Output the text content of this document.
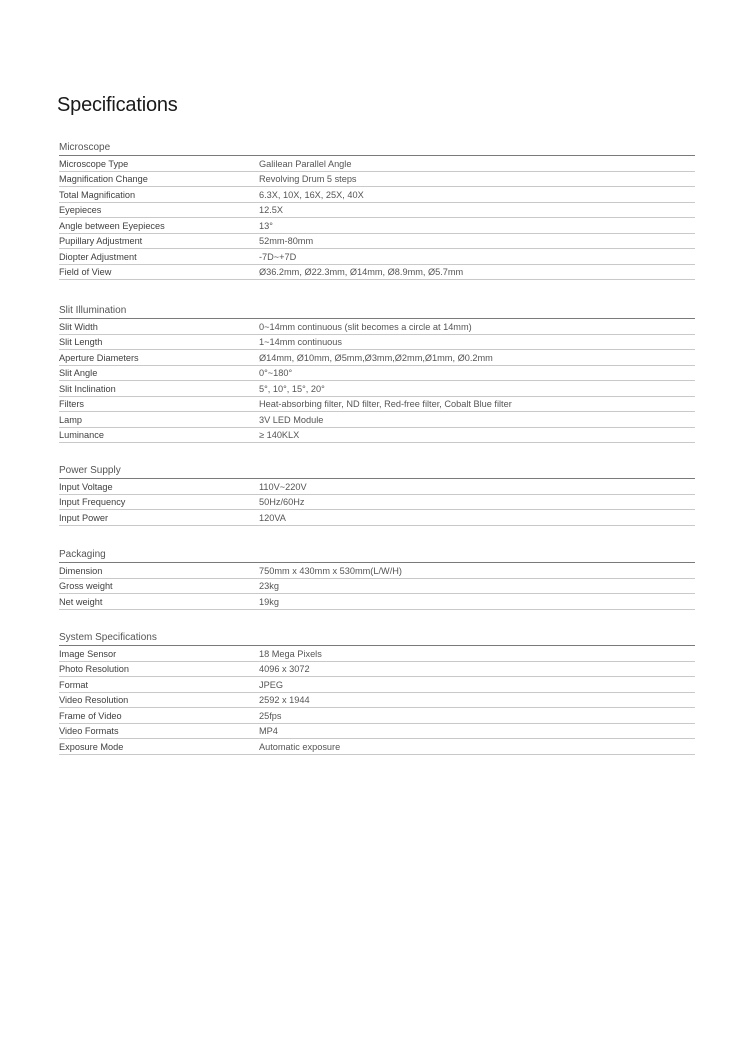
Specifications
Microscope
Microscope Type	Galilean Parallel Angle
Magnification Change	Revolving Drum 5 steps
Total Magnification	6.3X, 10X, 16X, 25X, 40X
Eyepieces	12.5X
Angle between Eyepieces	13°
Pupillary Adjustment	52mm-80mm
Diopter Adjustment	-7D~+7D
Field of View	Ø36.2mm, Ø22.3mm, Ø14mm, Ø8.9mm, Ø5.7mm
Slit Illumination
Slit Width	0~14mm continuous (slit becomes a circle at 14mm)
Slit Length	1~14mm continuous
Aperture Diameters	Ø14mm, Ø10mm, Ø5mm,Ø3mm,Ø2mm,Ø1mm, Ø0.2mm
Slit Angle	0°~180°
Slit Inclination	5°, 10°, 15°, 20°
Filters	Heat-absorbing filter, ND filter, Red-free filter, Cobalt Blue filter
Lamp	3V LED Module
Luminance	≥ 140KLX
Power Supply
Input Voltage	110V~220V
Input Frequency	50Hz/60Hz
Input Power	120VA
Packaging
Dimension	750mm x 430mm x 530mm(L/W/H)
Gross weight	23kg
Net weight	19kg
System Specifications
Image Sensor	18 Mega Pixels
Photo Resolution	4096 x 3072
Format	JPEG
Video Resolution	2592 x 1944
Frame of Video	25fps
Video Formats	MP4
Exposure Mode	Automatic exposure
